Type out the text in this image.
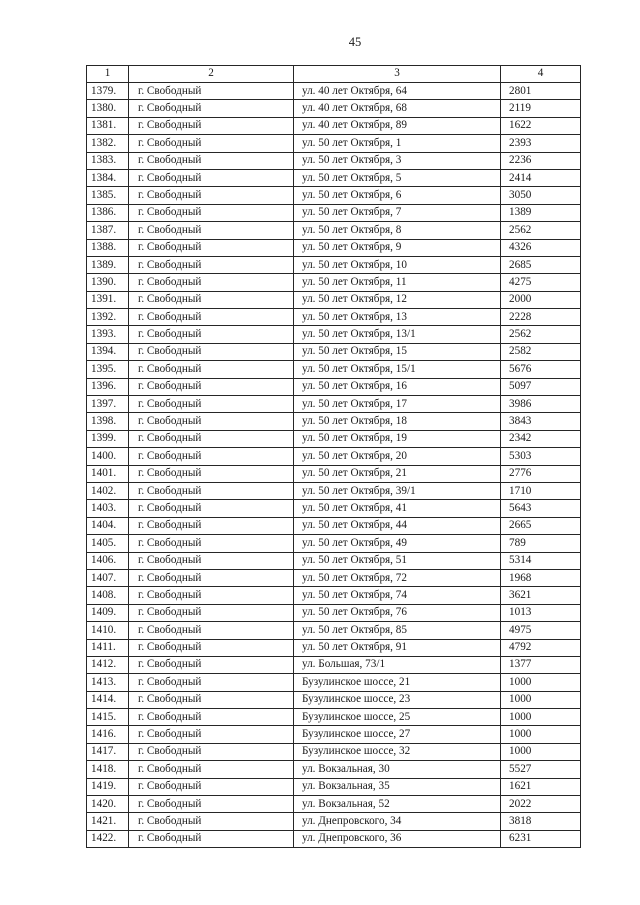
45
1	2	3	4
1379.	г. Свободный	ул. 40 лет Октября, 64	2801
1380.	г. Свободный	ул. 40 лет Октября, 68	2119
1381.	г. Свободный	ул. 40 лет Октября, 89	1622
1382.	г. Свободный	ул. 50 лет Октября, 1	2393
1383.	г. Свободный	ул. 50 лет Октября, 3	2236
1384.	г. Свободный	ул. 50 лет Октября, 5	2414
1385.	г. Свободный	ул. 50 лет Октября, 6	3050
1386.	г. Свободный	ул. 50 лет Октября, 7	1389
1387.	г. Свободный	ул. 50 лет Октября, 8	2562
1388.	г. Свободный	ул. 50 лет Октября, 9	4326
1389.	г. Свободный	ул. 50 лет Октября, 10	2685
1390.	г. Свободный	ул. 50 лет Октября, 11	4275
1391.	г. Свободный	ул. 50 лет Октября, 12	2000
1392.	г. Свободный	ул. 50 лет Октября, 13	2228
1393.	г. Свободный	ул. 50 лет Октября, 13/1	2562
1394.	г. Свободный	ул. 50 лет Октября, 15	2582
1395.	г. Свободный	ул. 50 лет Октября, 15/1	5676
1396.	г. Свободный	ул. 50 лет Октября, 16	5097
1397.	г. Свободный	ул. 50 лет Октября, 17	3986
1398.	г. Свободный	ул. 50 лет Октября, 18	3843
1399.	г. Свободный	ул. 50 лет Октября, 19	2342
1400.	г. Свободный	ул. 50 лет Октября, 20	5303
1401.	г. Свободный	ул. 50 лет Октября, 21	2776
1402.	г. Свободный	ул. 50 лет Октября, 39/1	1710
1403.	г. Свободный	ул. 50 лет Октября, 41	5643
1404.	г. Свободный	ул. 50 лет Октября, 44	2665
1405.	г. Свободный	ул. 50 лет Октября, 49	789
1406.	г. Свободный	ул. 50 лет Октября, 51	5314
1407.	г. Свободный	ул. 50 лет Октября, 72	1968
1408.	г. Свободный	ул. 50 лет Октября, 74	3621
1409.	г. Свободный	ул. 50 лет Октября, 76	1013
1410.	г. Свободный	ул. 50 лет Октября, 85	4975
1411.	г. Свободный	ул. 50 лет Октября, 91	4792
1412.	г. Свободный	ул. Большая, 73/1	1377
1413.	г. Свободный	Бузулинское шоссе, 21	1000
1414.	г. Свободный	Бузулинское шоссе, 23	1000
1415.	г. Свободный	Бузулинское шоссе, 25	1000
1416.	г. Свободный	Бузулинское шоссе, 27	1000
1417.	г. Свободный	Бузулинское шоссе, 32	1000
1418.	г. Свободный	ул. Вокзальная, 30	5527
1419.	г. Свободный	ул. Вокзальная, 35	1621
1420.	г. Свободный	ул. Вокзальная, 52	2022
1421.	г. Свободный	ул. Днепровского, 34	3818
1422.	г. Свободный	ул. Днепровского, 36	6231
